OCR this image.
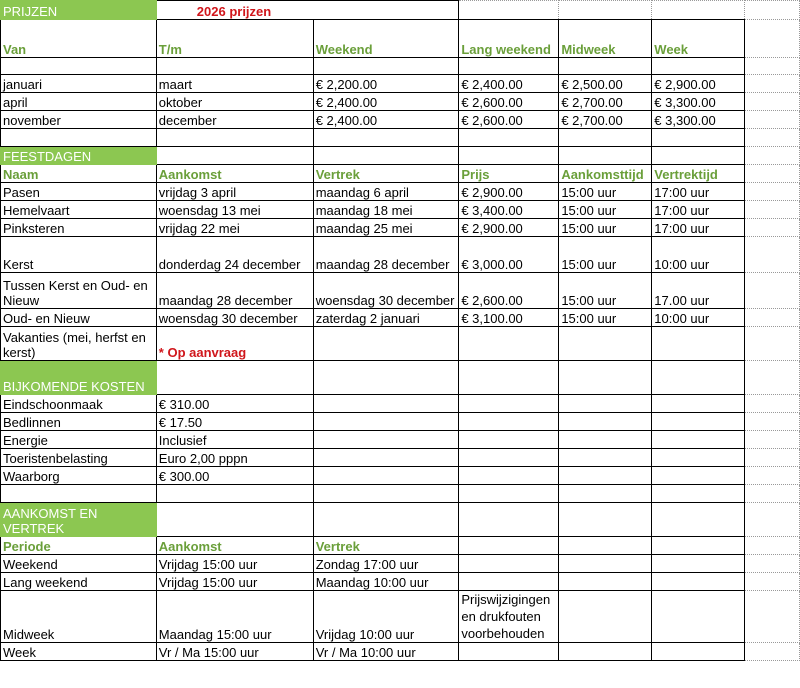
PRIJZEN	2026 prijzen					
Van	T/m	Weekend	Lang weekend	Midweek	Week	

januari	maart	€ 2,200.00	€ 2,400.00	€ 2,500.00	€ 2,900.00	
april	oktober	€ 2,400.00	€ 2,600.00	€ 2,700.00	€ 3,300.00	
november	december	€ 2,400.00	€ 2,600.00	€ 2,700.00	€ 3,300.00	

FEESTDAGEN						
Naam	Aankomst	Vertrek	Prijs	Aankomsttijd	Vertrektijd	
Pasen	vrijdag 3 april	maandag 6 april	€ 2,900.00	15:00 uur	17:00 uur	
Hemelvaart	woensdag 13 mei	maandag 18 mei	€ 3,400.00	15:00 uur	17:00 uur	
Pinksteren	vrijdag 22 mei	maandag 25 mei	€ 2,900.00	15:00 uur	17:00 uur	
Kerst	donderdag 24 december	maandag 28 december	€ 3,000.00	15:00 uur	10:00 uur	
Tussen Kerst en Oud- en Nieuw	maandag 28 december	woensdag 30 december	€ 2,600.00	15:00 uur	17.00 uur	
Oud- en Nieuw	woensdag 30 december	zaterdag 2 januari	€ 3,100.00	15:00 uur	10:00 uur	
Vakanties (mei, herfst en kerst)	* Op aanvraag					
BIJKOMENDE KOSTEN						
Eindschoonmaak	€ 310.00					
Bedlinnen	€ 17.50					
Energie	Inclusief					
Toeristenbelasting	Euro 2,00 pppn					
Waarborg	€ 300.00					

AANKOMST EN VERTREK						
Periode	Aankomst	Vertrek				
Weekend	Vrijdag 15:00 uur	Zondag 17:00 uur				
Lang weekend	Vrijdag 15:00 uur	Maandag 10:00 uur				
Midweek	Maandag 15:00 uur	Vrijdag 10:00 uur	Prijswijzigingen en drukfouten voorbehouden			
Week	Vr / Ma 15:00 uur	Vr / Ma 10:00 uur				
